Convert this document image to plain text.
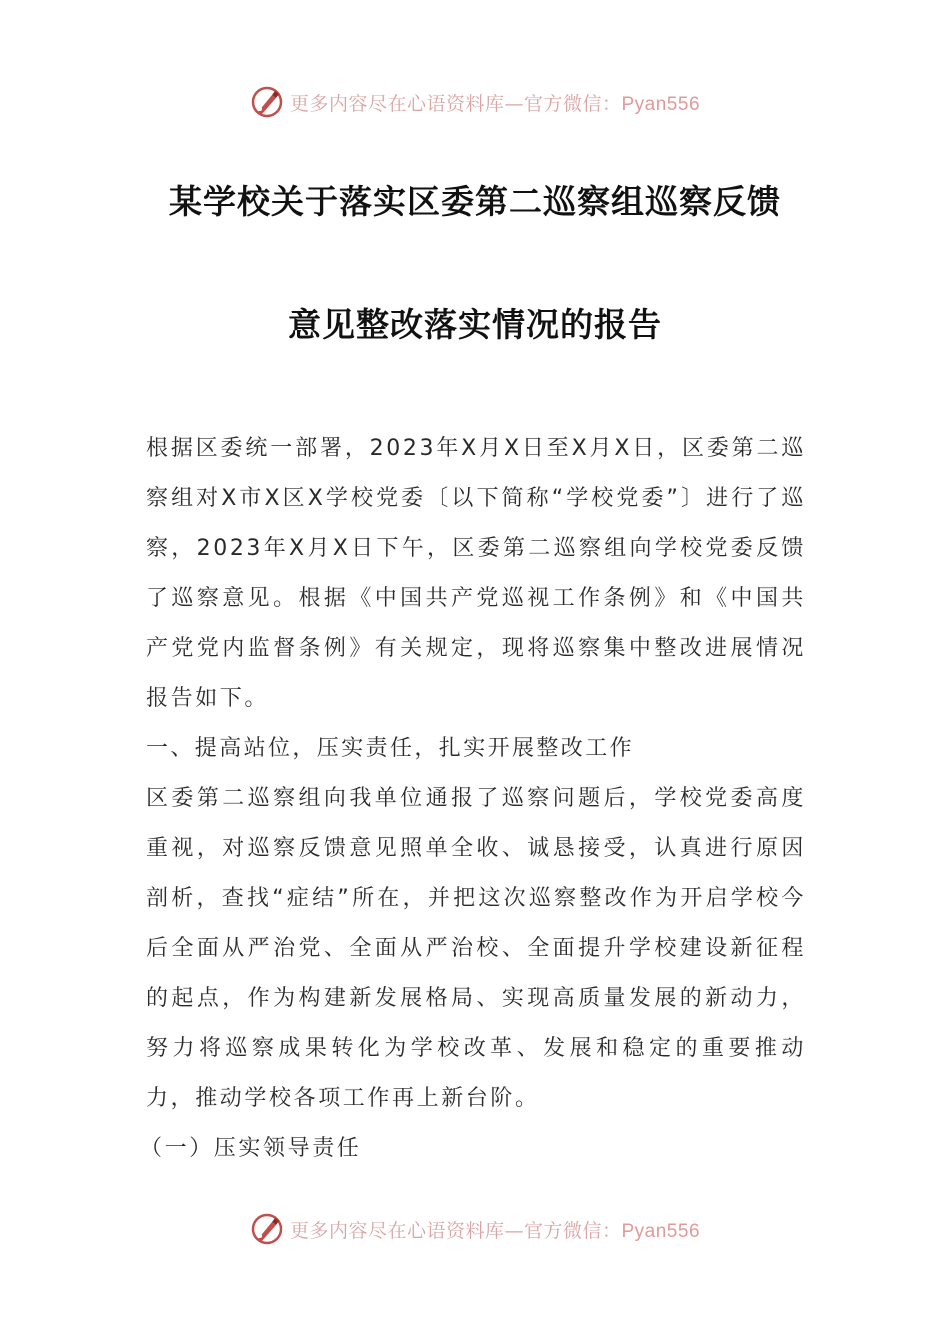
更多内容尽在心语资料库—官方微信：Pyan556
某学校关于落实区委第二巡察组巡察反馈
意见整改落实情况的报告

根据区委统一部署，2023年X月X日至X月X日，区委第二巡察组对X市X区X学校党委〔以下简称“学校党委”〕进行了巡察，2023年X月X日下午，区委第二巡察组向学校党委反馈了巡察意见。根据《中国共产党巡视工作条例》和《中国共产党党内监督条例》有关规定，现将巡察集中整改进展情况报告如下。

一、提高站位，压实责任，扎实开展整改工作

区委第二巡察组向我单位通报了巡察问题后，学校党委高度重视，对巡察反馈意见照单全收、诚恳接受，认真进行原因剖析，查找“症结”所在，并把这次巡察整改作为开启学校今后全面从严治党、全面从严治校、全面提升学校建设新征程的起点，作为构建新发展格局、实现高质量发展的新动力，努力将巡察成果转化为学校改革、发展和稳定的重要推动力，推动学校各项工作再上新台阶。

（一）压实领导责任

更多内容尽在心语资料库—官方微信：Pyan556
